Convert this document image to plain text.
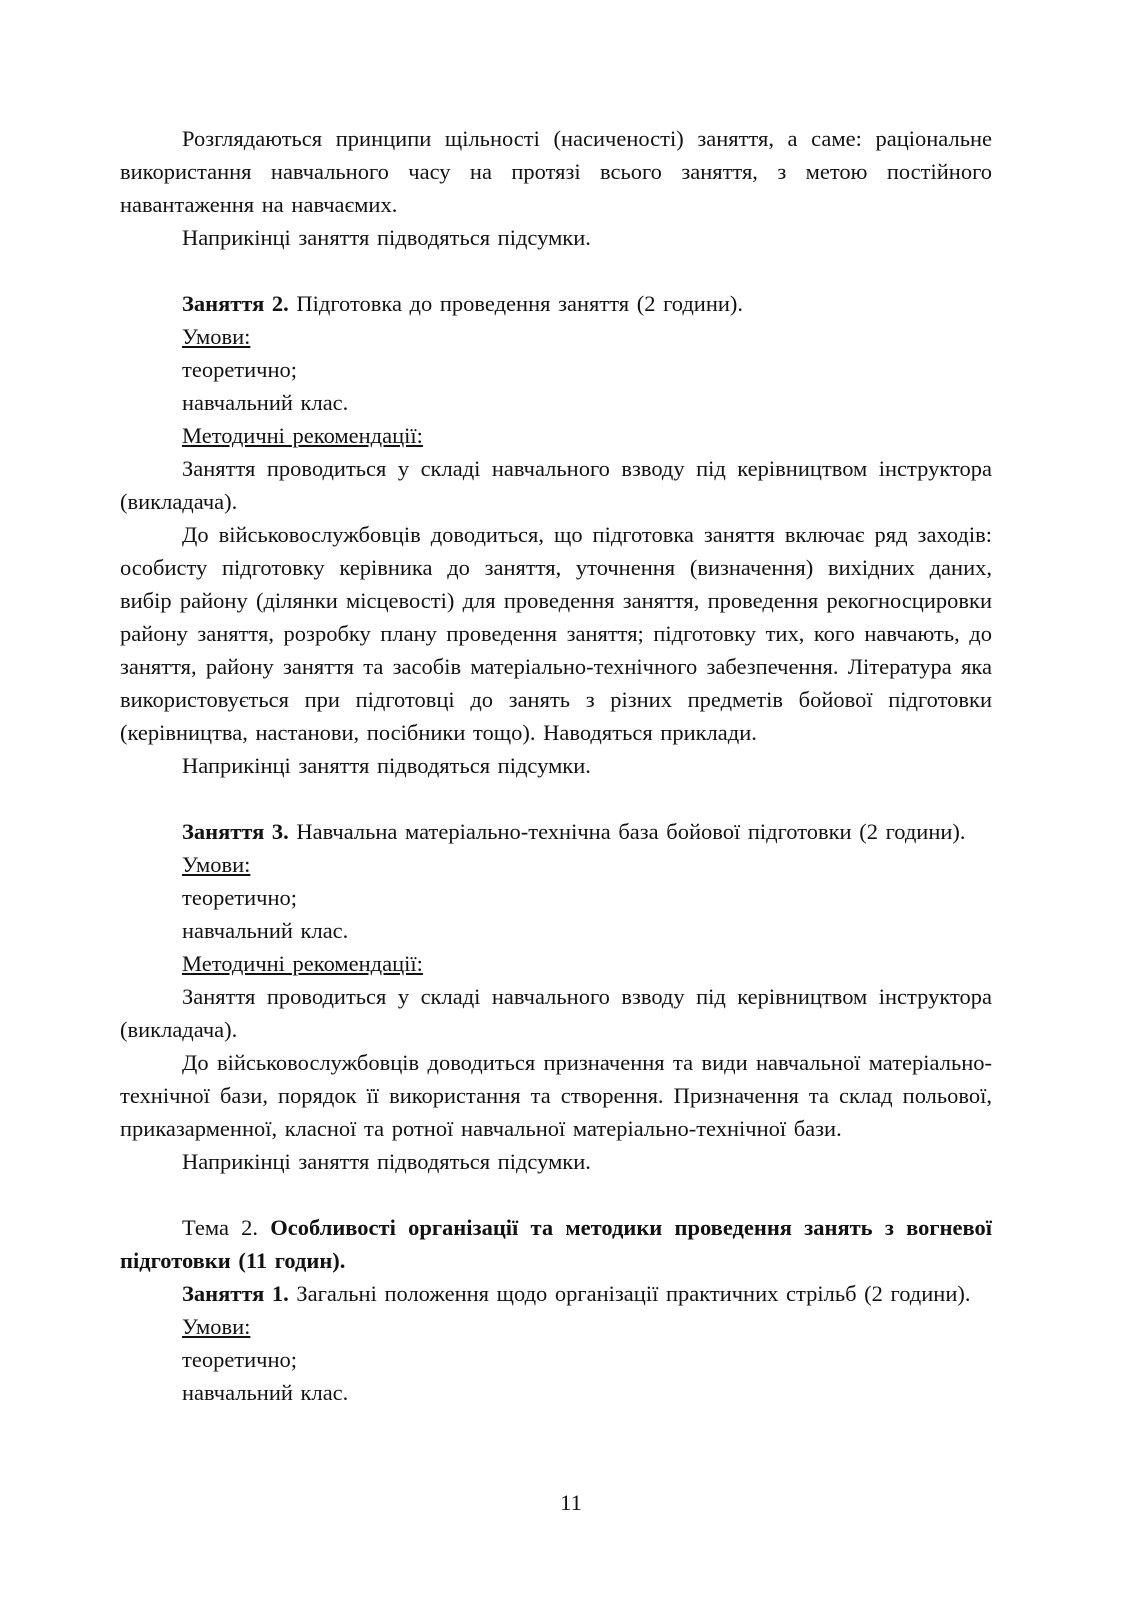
Розглядаються принципи щільності (насиченості) заняття, а саме: раціональне використання навчального часу на протязі всього заняття, з метою постійного навантаження на навчаємих.

Наприкінці заняття підводяться підсумки.

Заняття 2. Підготовка до проведення заняття (2 години).

Умови:

теоретично;

навчальний клас.

Методичні рекомендації:

Заняття проводиться у складі навчального взводу під керівництвом інструктора (викладача).

До військовослужбовців доводиться, що підготовка заняття включає ряд заходів: особисту підготовку керівника до заняття, уточнення (визначення) вихідних даних, вибір району (ділянки місцевості) для проведення заняття, проведення рекогносцировки району заняття, розробку плану проведення заняття; підготовку тих, кого навчають, до заняття, району заняття та засобів матеріально-технічного забезпечення. Література яка використовується при підготовці до занять з різних предметів бойової підготовки (керівництва, настанови, посібники тощо). Наводяться приклади.

Наприкінці заняття підводяться підсумки.

Заняття 3. Навчальна матеріально-технічна база бойової підготовки (2 години).

Умови:

теоретично;

навчальний клас.

Методичні рекомендації:

Заняття проводиться у складі навчального взводу під керівництвом інструктора (викладача).

До військовослужбовців доводиться призначення та види навчальної матеріально-технічної бази, порядок її використання та створення. Призначення та склад польової, приказарменної, класної та ротної навчальної матеріально-технічної бази.

Наприкінці заняття підводяться підсумки.

Тема 2. Особливості організації та методики проведення занять з вогневої підготовки (11 годин).

Заняття 1. Загальні положення щодо організації практичних стрільб (2 години).

Умови:

теоретично;

навчальний клас.

11
